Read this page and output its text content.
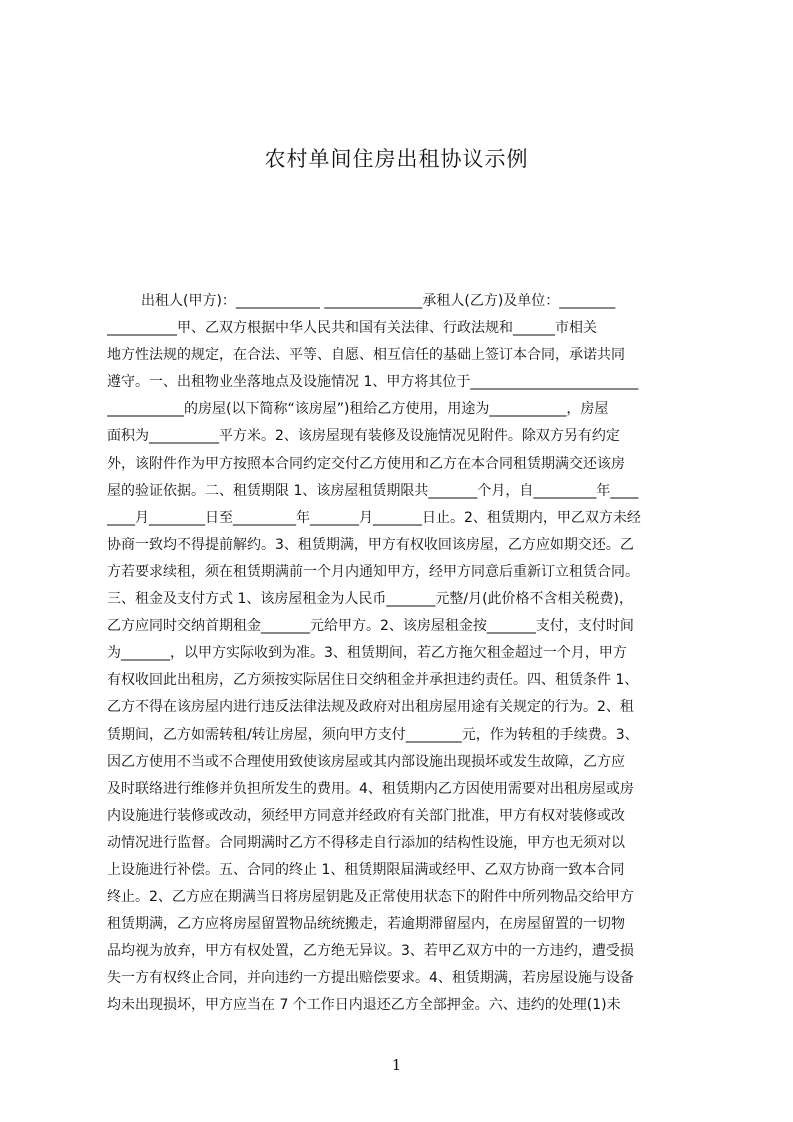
农村单间住房出租协议示例
出租人(甲方)：____________ ______________承租人(乙方)及单位：________
__________甲、乙双方根据中华人民共和国有关法律、行政法规和______市相关
地方性法规的规定，在合法、平等、自愿、相互信任的基础上签订本合同，承诺共同
遵守。一、出租物业坐落地点及设施情况 1、甲方将其位于________________________
___________的房屋(以下简称“该房屋”)租给乙方使用，用途为___________，房屋
面积为__________平方米。2、该房屋现有装修及设施情况见附件。除双方另有约定
外，该附件作为甲方按照本合同约定交付乙方使用和乙方在本合同租赁期满交还该房
屋的验证依据。二、租赁期限 1、该房屋租赁期限共_______个月，自_________年____
____月________日至_________年_______月_______日止。2、租赁期内，甲乙双方未经
协商一致均不得提前解约。3、租赁期满，甲方有权收回该房屋，乙方应如期交还。乙
方若要求续租，须在租赁期满前一个月内通知甲方，经甲方同意后重新订立租赁合同。
三、租金及支付方式 1、该房屋租金为人民币_______元整/月(此价格不含相关税费)，
乙方应同时交纳首期租金_______元给甲方。2、该房屋租金按_______支付，支付时间
为_______，以甲方实际收到为准。3、租赁期间，若乙方拖欠租金超过一个月，甲方
有权收回此出租房，乙方须按实际居住日交纳租金并承担违约责任。四、租赁条件 1、
乙方不得在该房屋内进行违反法律法规及政府对出租房屋用途有关规定的行为。2、租
赁期间，乙方如需转租/转让房屋，须向甲方支付________元，作为转租的手续费。3、
因乙方使用不当或不合理使用致使该房屋或其内部设施出现损坏或发生故障，乙方应
及时联络进行维修并负担所发生的费用。4、租赁期内乙方因使用需要对出租房屋或房
内设施进行装修或改动，须经甲方同意并经政府有关部门批准，甲方有权对装修或改
动情况进行监督。合同期满时乙方不得移走自行添加的结构性设施，甲方也无须对以
上设施进行补偿。五、合同的终止 1、租赁期限届满或经甲、乙双方协商一致本合同
终止。2、乙方应在期满当日将房屋钥匙及正常使用状态下的附件中所列物品交给甲方
租赁期满，乙方应将房屋留置物品统统搬走，若逾期滞留屋内，在房屋留置的一切物
品均视为放弃，甲方有权处置，乙方绝无异议。3、若甲乙双方中的一方违约，遭受损
失一方有权终止合同，并向违约一方提出赔偿要求。4、租赁期满，若房屋设施与设备
均未出现损坏，甲方应当在 7 个工作日内退还乙方全部押金。六、违约的处理(1)未
1
